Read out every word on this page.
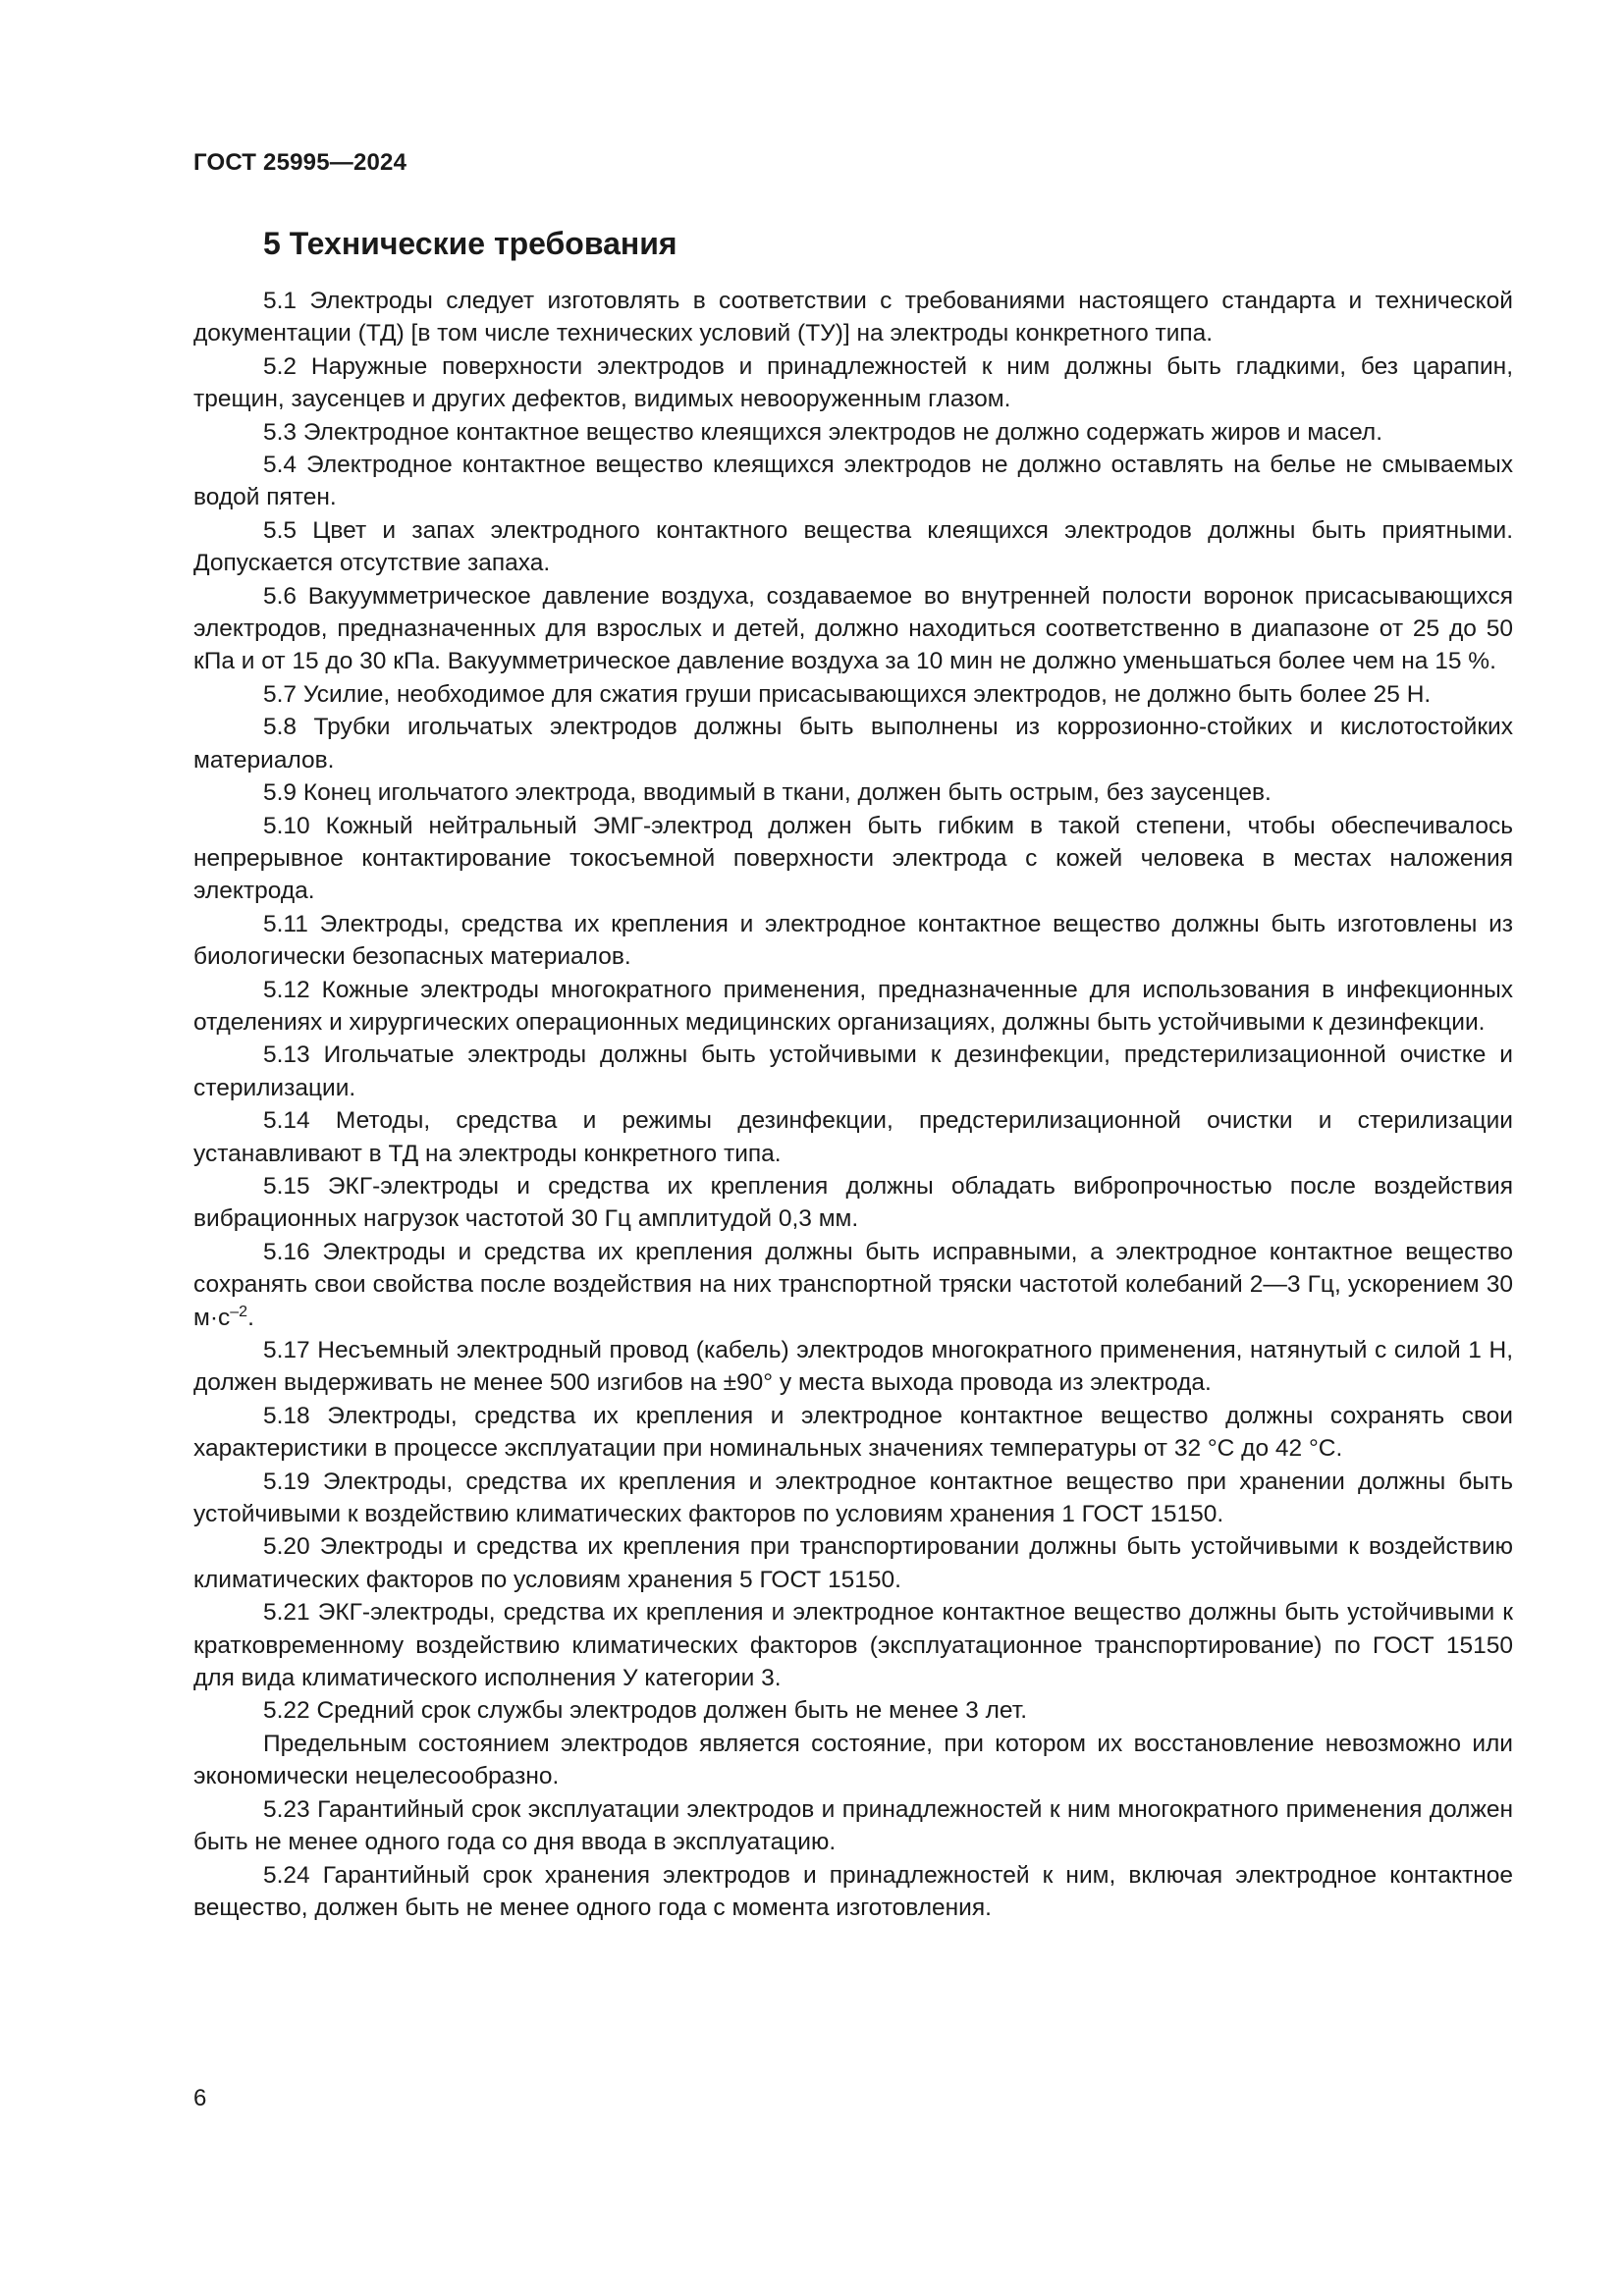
ГОСТ 25995—2024
5 Технические требования

5.1 Электроды следует изготовлять в соответствии с требованиями настоящего стандарта и технической документации (ТД) [в том числе технических условий (ТУ)] на электроды конкретного типа.

5.2 Наружные поверхности электродов и принадлежностей к ним должны быть гладкими, без царапин, трещин, заусенцев и других дефектов, видимых невооруженным глазом.

5.3 Электродное контактное вещество клеящихся электродов не должно содержать жиров и масел.

5.4 Электродное контактное вещество клеящихся электродов не должно оставлять на белье не смываемых водой пятен.

5.5 Цвет и запах электродного контактного вещества клеящихся электродов должны быть приятными. Допускается отсутствие запаха.

5.6 Вакуумметрическое давление воздуха, создаваемое во внутренней полости воронок присасывающихся электродов, предназначенных для взрослых и детей, должно находиться соответственно в диапазоне от 25 до 50 кПа и от 15 до 30 кПа. Вакуумметрическое давление воздуха за 10 мин не должно уменьшаться более чем на 15 %.

5.7 Усилие, необходимое для сжатия груши присасывающихся электродов, не должно быть более 25 Н.

5.8 Трубки игольчатых электродов должны быть выполнены из коррозионно-стойких и кислотостойких материалов.

5.9 Конец игольчатого электрода, вводимый в ткани, должен быть острым, без заусенцев.

5.10 Кожный нейтральный ЭМГ-электрод должен быть гибким в такой степени, чтобы обеспечивалось непрерывное контактирование токосъемной поверхности электрода с кожей человека в местах наложения электрода.

5.11 Электроды, средства их крепления и электродное контактное вещество должны быть изготовлены из биологически безопасных материалов.

5.12 Кожные электроды многократного применения, предназначенные для использования в инфекционных отделениях и хирургических операционных медицинских организациях, должны быть устойчивыми к дезинфекции.

5.13 Игольчатые электроды должны быть устойчивыми к дезинфекции, предстерилизационной очистке и стерилизации.

5.14 Методы, средства и режимы дезинфекции, предстерилизационной очистки и стерилизации устанавливают в ТД на электроды конкретного типа.

5.15 ЭКГ-электроды и средства их крепления должны обладать вибропрочностью после воздействия вибрационных нагрузок частотой 30 Гц амплитудой 0,3 мм.

5.16 Электроды и средства их крепления должны быть исправными, а электродное контактное вещество сохранять свои свойства после воздействия на них транспортной тряски частотой колебаний 2—3 Гц, ускорением 30 $м\cdot с^{-2}$.

5.17 Несъемный электродный провод (кабель) электродов многократного применения, натянутый с силой 1 Н, должен выдерживать не менее 500 изгибов на ±90° у места выхода провода из электрода.

5.18 Электроды, средства их крепления и электродное контактное вещество должны сохранять свои характеристики в процессе эксплуатации при номинальных значениях температуры от 32 °С до 42 °С.

5.19 Электроды, средства их крепления и электродное контактное вещество при хранении должны быть устойчивыми к воздействию климатических факторов по условиям хранения 1 ГОСТ 15150.

5.20 Электроды и средства их крепления при транспортировании должны быть устойчивыми к воздействию климатических факторов по условиям хранения 5 ГОСТ 15150.

5.21 ЭКГ-электроды, средства их крепления и электродное контактное вещество должны быть устойчивыми к кратковременному воздействию климатических факторов (эксплуатационное транспортирование) по ГОСТ 15150 для вида климатического исполнения У категории 3.

5.22 Средний срок службы электродов должен быть не менее 3 лет.

Предельным состоянием электродов является состояние, при котором их восстановление невозможно или экономически нецелесообразно.

5.23 Гарантийный срок эксплуатации электродов и принадлежностей к ним многократного применения должен быть не менее одного года со дня ввода в эксплуатацию.

5.24 Гарантийный срок хранения электродов и принадлежностей к ним, включая электродное контактное вещество, должен быть не менее одного года с момента изготовления.

6
